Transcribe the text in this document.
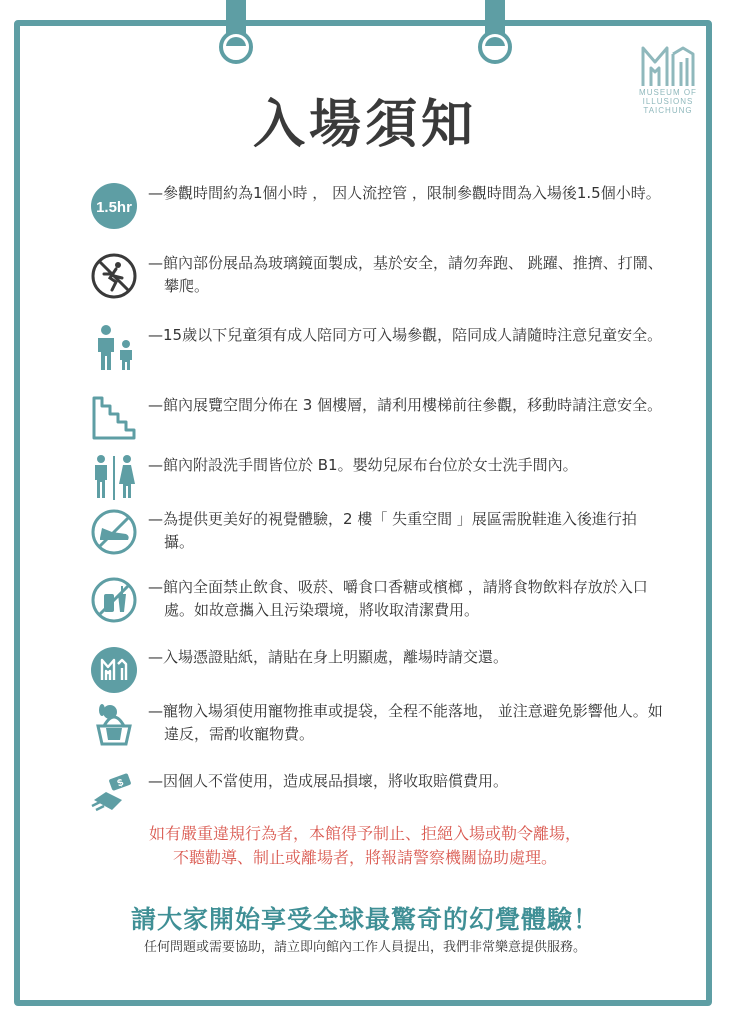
MUSEUM OF
ILLUSIONS
TAICHUNG
入場須知
1.5hr
— 參觀時間約為1個小時 ， 因人流控管 ，限制參觀時間為入場後1.5個小時。
— 館內部份展品為玻璃鏡面製成，基於安全，請勿奔跑、 跳躍、推擠、打鬧、攀爬。
— 15歲以下兒童須有成人陪同方可入場參觀，陪同成人請隨時注意兒童安全。
— 館內展覽空間分佈在 3 個樓層，請利用樓梯前往參觀，移動時請注意安全。
— 館內附設洗手間皆位於 B1。嬰幼兒尿布台位於女士洗手間內。
— 為提供更美好的視覺體驗，2 樓「 失重空間 」展區需脫鞋進入後進行拍攝。
— 館內全面禁止飲食、吸菸、嚼食口香糖或檳榔 ，請將食物飲料存放於入口處。如故意攜入且污染環境，將收取清潔費用。
— 入場憑證貼紙，請貼在身上明顯處，離場時請交還。
— 寵物入場須使用寵物推車或提袋，全程不能落地， 並注意避免影響他人。如違反，需酌收寵物費。
$
—	因個人不當使用，造成展品損壞，將收取賠償費用。
如有嚴重違規行為者，本館得予制止、拒絕入場或勒令離場，
不聽勸導、制止或離場者，將報請警察機關協助處理。
請大家開始享受全球最驚奇的幻覺體驗！
任何問題或需要協助，請立即向館內工作人員提出，我們非常樂意提供服務。
